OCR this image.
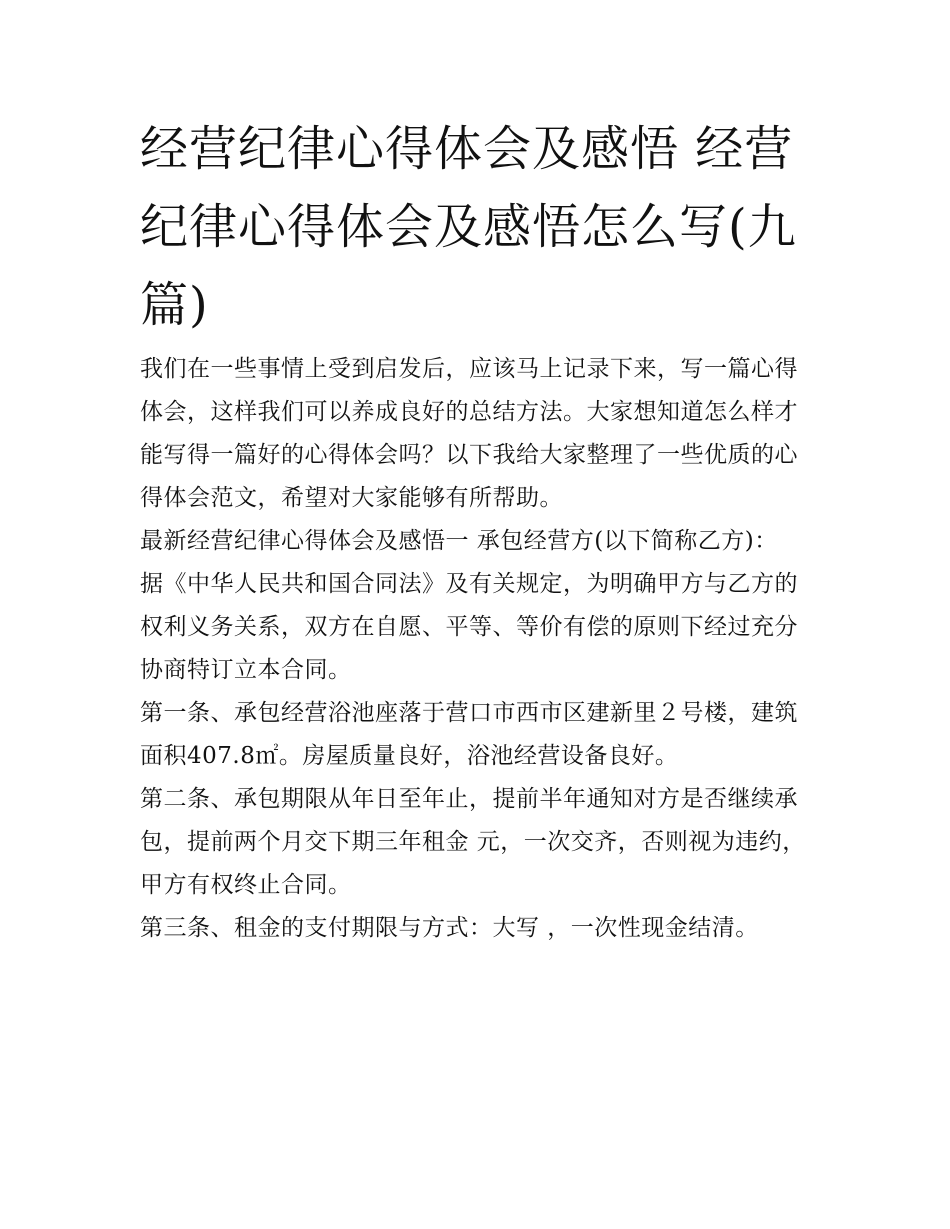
经营纪律心得体会及感悟 经营纪律心得体会及感悟怎么写(九篇)

我们在一些事情上受到启发后，应该马上记录下来，写一篇心得体会，这样我们可以养成良好的总结方法。大家想知道怎么样才能写得一篇好的心得体会吗？以下我给大家整理了一些优质的心得体会范文，希望对大家能够有所帮助。

最新经营纪律心得体会及感悟一 承包经营方(以下简称乙方)：

据《中华人民共和国合同法》及有关规定，为明确甲方与乙方的权利义务关系，双方在自愿、平等、等价有偿的原则下经过充分协商特订立本合同。

第一条、承包经营浴池座落于营口市西市区建新里２号楼，建筑面积407.8㎡。房屋质量良好，浴池经营设备良好。

第二条、承包期限从年日至年止，提前半年通知对方是否继续承包，提前两个月交下期三年租金 元，一次交齐，否则视为违约，甲方有权终止合同。

第三条、租金的支付期限与方式：大写 ，一次性现金结清。
